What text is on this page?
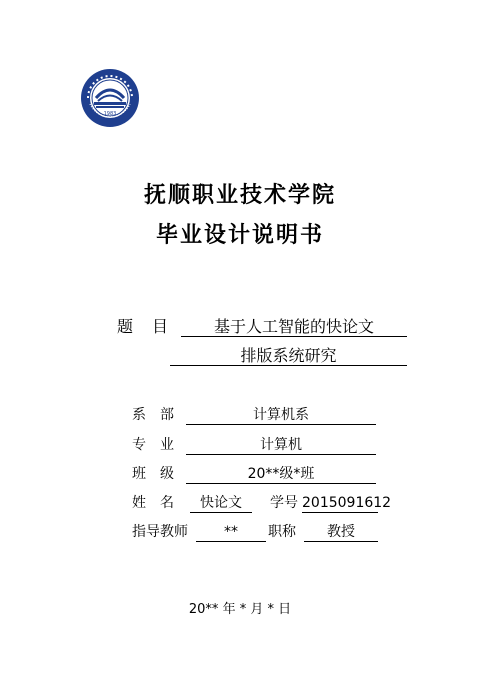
1983
抚顺职业技术学院
毕业设计说明书
题 目	基于人工智能的快论文
排版系统研究
系　部	计算机系
专　业	计算机
班　级	20**级*班
姓　名	快论文	学号 2015091612
指导教师	**	职称	教授
20** 年 * 月 * 日
